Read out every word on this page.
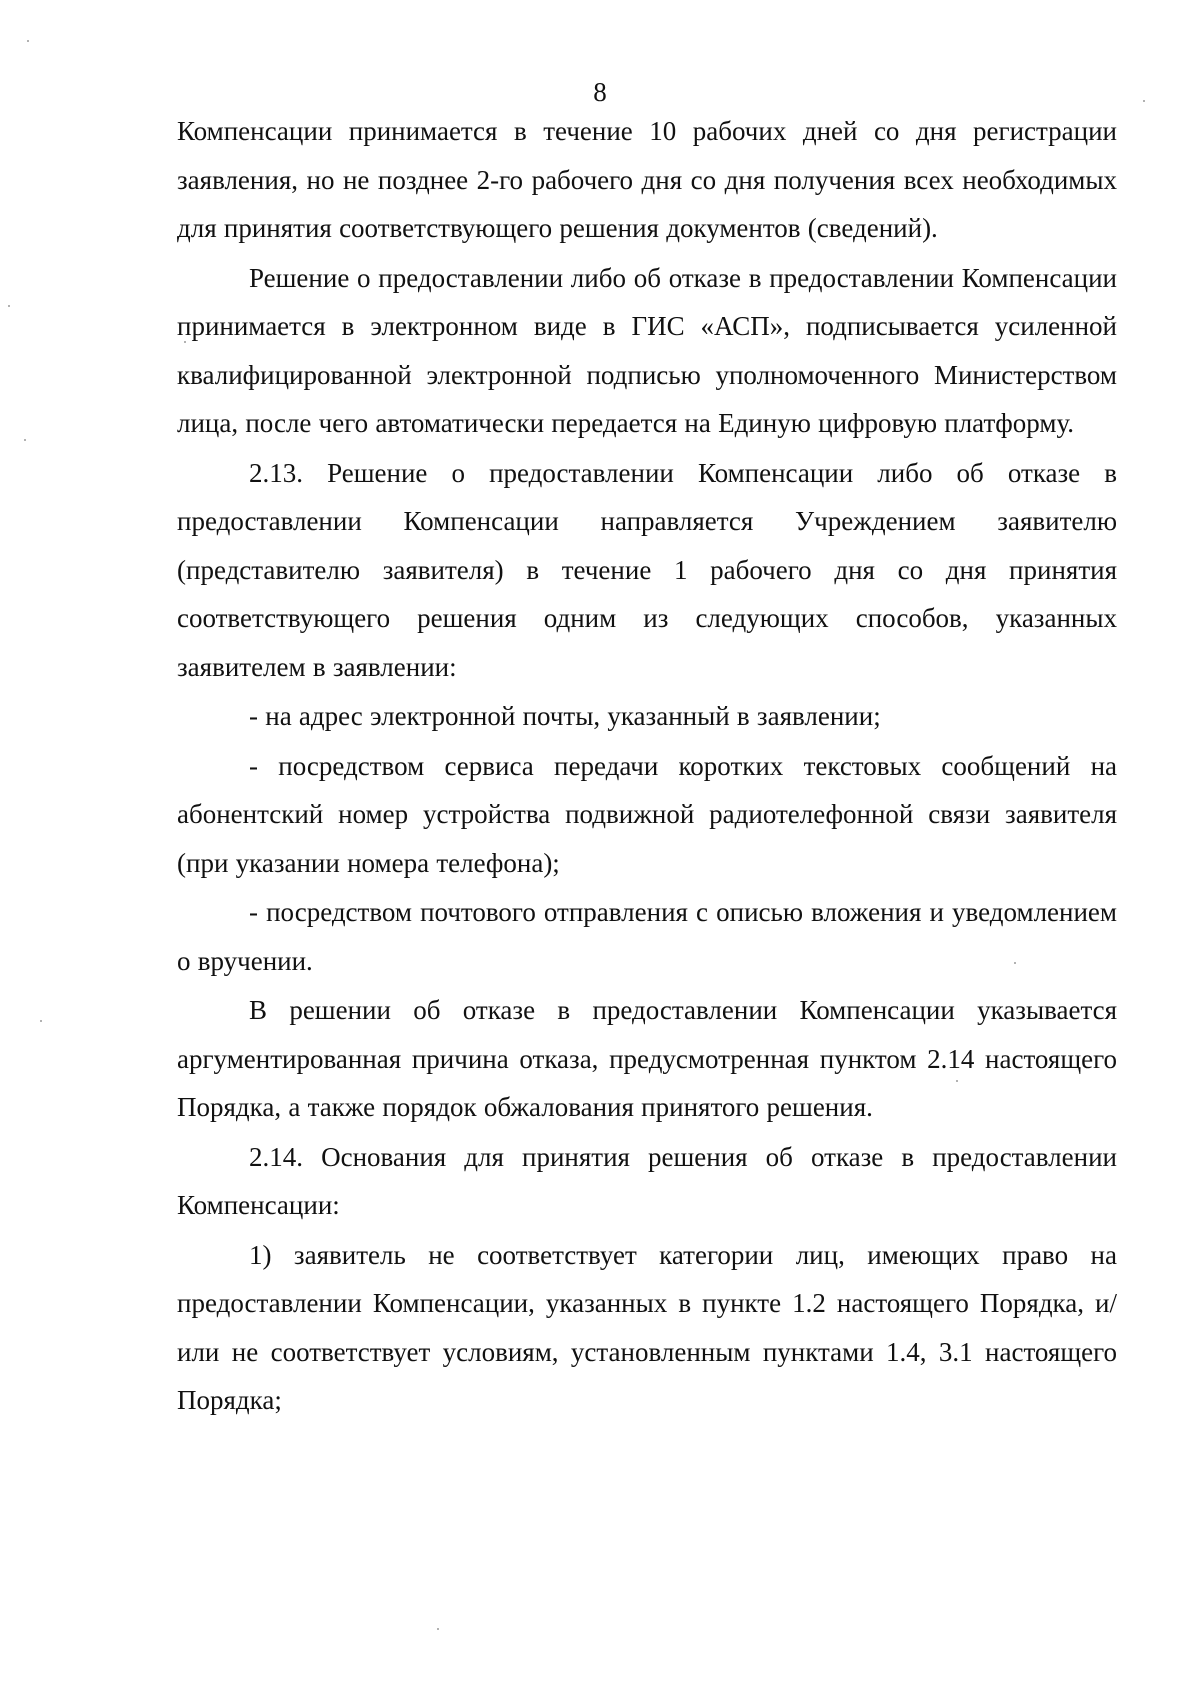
8

Компенсации принимается в течение 10 рабочих дней со дня регистрации заявления, но не позднее 2-го рабочего дня со дня получения всех необходимых для принятия соответствующего решения документов (сведений).

Решение о предоставлении либо об отказе в предоставлении Компенсации принимается в электронном виде в ГИС «АСП», подписывается усиленной квалифицированной электронной подписью уполномоченного Министерством лица, после чего автоматически передается на Единую цифровую платформу.

2.13. Решение о предоставлении Компенсации либо об отказе в предоставлении Компенсации направляется Учреждением заявителю (представителю заявителя) в течение 1 рабочего дня со дня принятия соответствующего решения одним из следующих способов, указанных заявителем в заявлении:

- на адрес электронной почты, указанный в заявлении;

- посредством сервиса передачи коротких текстовых сообщений на абонентский номер устройства подвижной радиотелефонной связи заявителя (при указании номера телефона);

- посредством почтового отправления с описью вложения и уведомлением о вручении.

В решении об отказе в предоставлении Компенсации указывается аргументированная причина отказа, предусмотренная пунктом 2.14 настоящего Порядка, а также порядок обжалования принятого решения.

2.14. Основания для принятия решения об отказе в предоставлении Компенсации:

1) заявитель не соответствует категории лиц, имеющих право на предоставлении Компенсации, указанных в пункте 1.2 настоящего Порядка, и/или не соответствует условиям, установленным пунктами 1.4, 3.1 настоящего Порядка;
